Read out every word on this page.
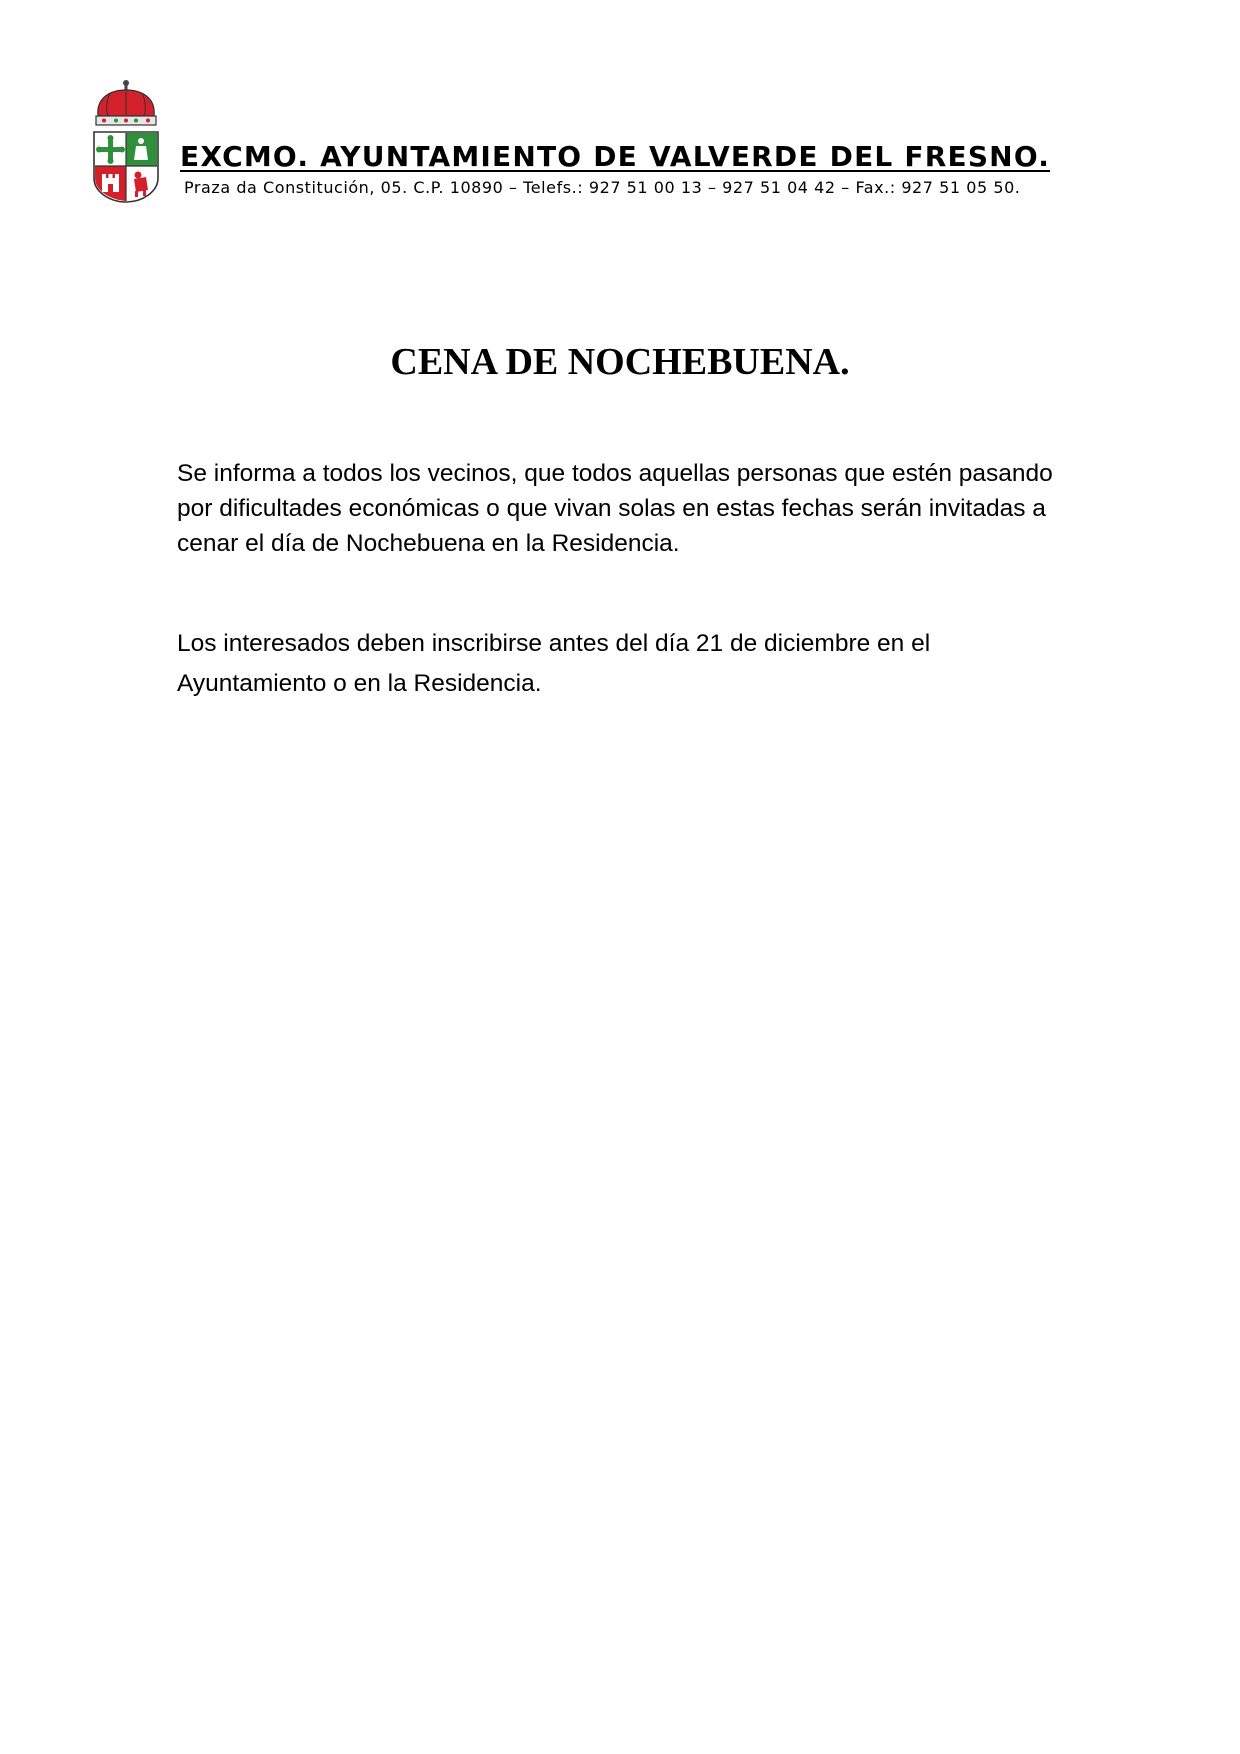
EXCMO. AYUNTAMIENTO DE VALVERDE DEL FRESNO.
Praza da Constitución, 05. C.P. 10890 – Telefs.: 927 51 00 13 – 927 51 04 42 – Fax.: 927 51 05 50.
CENA DE NOCHEBUENA.

Se informa a todos los vecinos, que todos aquellas personas que estén pasando por dificultades económicas o que vivan solas en estas fechas serán invitadas a cenar el día de Nochebuena en la Residencia.

Los interesados deben inscribirse antes del día 21 de diciembre en el Ayuntamiento o en la Residencia.
